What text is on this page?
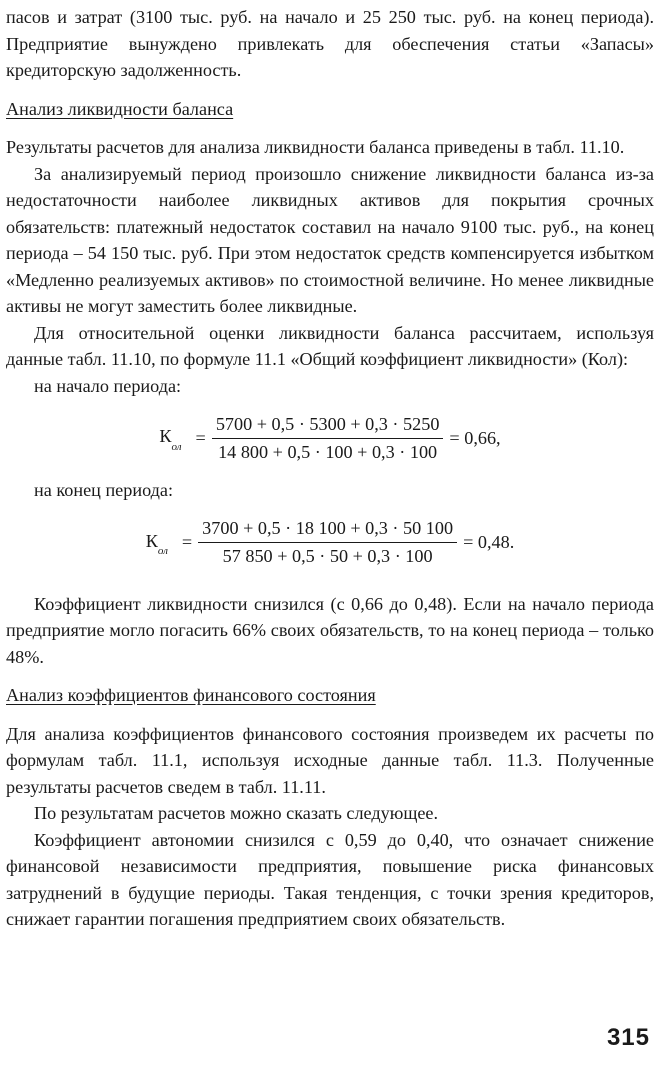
пасов и затрат (3100 тыс. руб. на начало и 25 250 тыс. руб. на конец периода). Предприятие вынуждено привлекать для обеспечения статьи «Запасы» кредиторскую задолженность.

Анализ ликвидности баланса

Результаты расчетов для анализа ликвидности баланса приведены в табл. 11.10.

За анализируемый период произошло снижение ликвидности баланса из-за недостаточности наиболее ликвидных активов для покрытия срочных обязательств: платежный недостаток составил на начало 9100 тыс. руб., на конец периода – 54 150 тыс. руб. При этом недостаток средств компенсируется избытком «Медленно реализуемых активов» по стоимостной величине. Но менее ликвидные активы не могут заместить более ликвидные.

Для относительной оценки ликвидности баланса рассчитаем, используя данные табл. 11.10, по формуле 11.1 «Общий коэффициент ликвидности» (Кол):

на начало периода:

$К_{ол} = \frac{5700 + 0,5 \cdot 5300 + 0,3 \cdot 5250}{14 800 + 0,5 \cdot 100 + 0,3 \cdot 100} = 0,66$,

на конец периода:

$К_{ол} = \frac{3700 + 0,5 \cdot 18 100 + 0,3 \cdot 50 100}{57 850 + 0,5 \cdot 50 + 0,3 \cdot 100} = 0,48$.

Коэффициент ликвидности снизился (с 0,66 до 0,48). Если на начало периода предприятие могло погасить 66% своих обязательств, то на конец периода – только 48%.

Анализ коэффициентов финансового состояния

Для анализа коэффициентов финансового состояния произведем их расчеты по формулам табл. 11.1, используя исходные данные табл. 11.3. Полученные результаты расчетов сведем в табл. 11.11.

По результатам расчетов можно сказать следующее.

Коэффициент автономии снизился с 0,59 до 0,40, что означает снижение финансовой независимости предприятия, повышение риска финансовых затруднений в будущие периоды. Такая тенденция, с точки зрения кредиторов, снижает гарантии погашения предприятием своих обязательств.

315
